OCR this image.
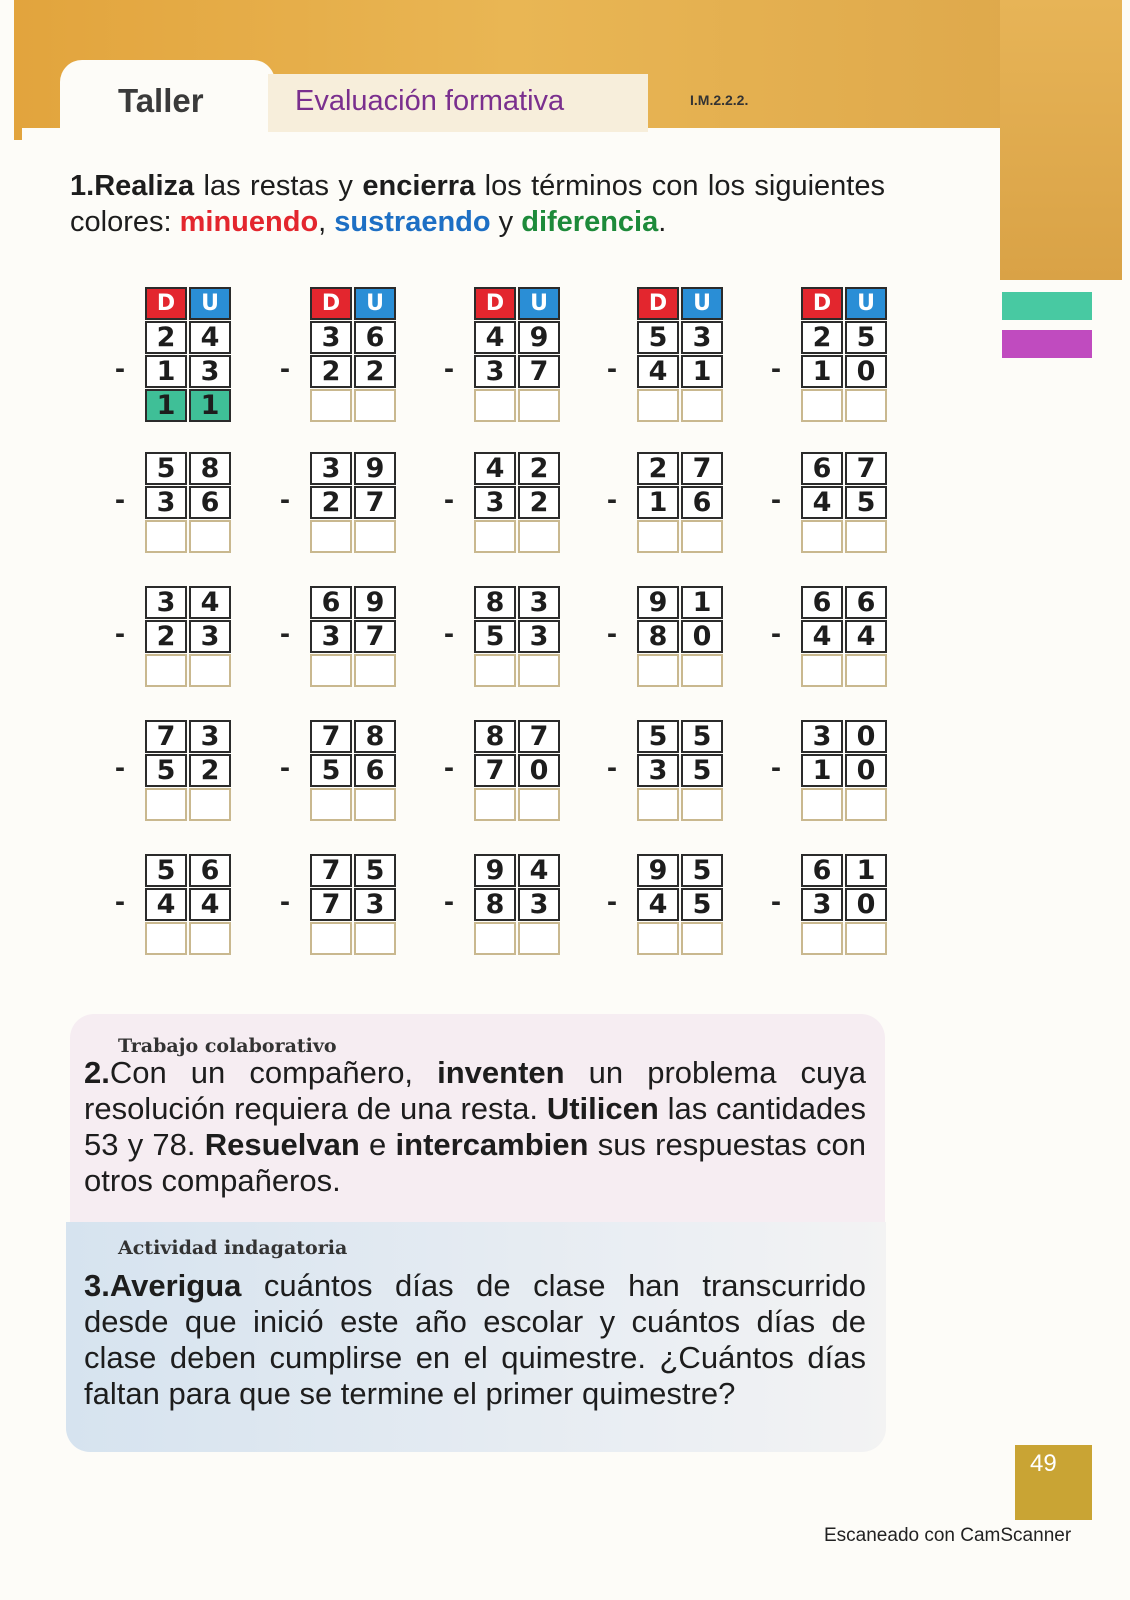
Taller	Evaluación formativa	I.M.2.2.2.
1.Realiza las restas y encierra los términos con los siguientes colores: minuendo, sustraendo y diferencia.
D	U
2 4
1 3
1 1
-
D	U
3 6
2 2
-
D	U
4 9
3 7
-
D	U
5 3
4 1
-
D	U
2 5
1 0
-
5 8
3 6
-
3 9
2 7
-
4 2
3 2
-
2 7
1 6
-
6 7
4 5
-
3 4
2 3
-
6 9
3 7
-
8 3
5 3
-
9 1
8 0
-
6 6
4 4
-
7 3
5 2
-
7 8
5 6
-
8 7
7 0
-
5 5
3 5
-
3 0
1 0
-
5 6
4 4
-
7 5
7 3
-
9 4
8 3
-
9 5
4 5
-
6 1
3 0
-
Trabajo colaborativo
2.Con un compañero, inventen un problema cuya resolución requiera de una resta. Utilicen las cantidades 53 y 78. Resuelvan e intercambien sus respuestas con otros compañeros.
Actividad indagatoria
3.Averigua cuántos días de clase han transcurrido desde que inició este año escolar y cuántos días de clase deben cumplirse en el quimestre. ¿Cuántos días faltan para que se termine el primer quimestre?
49
Escaneado con CamScanner
